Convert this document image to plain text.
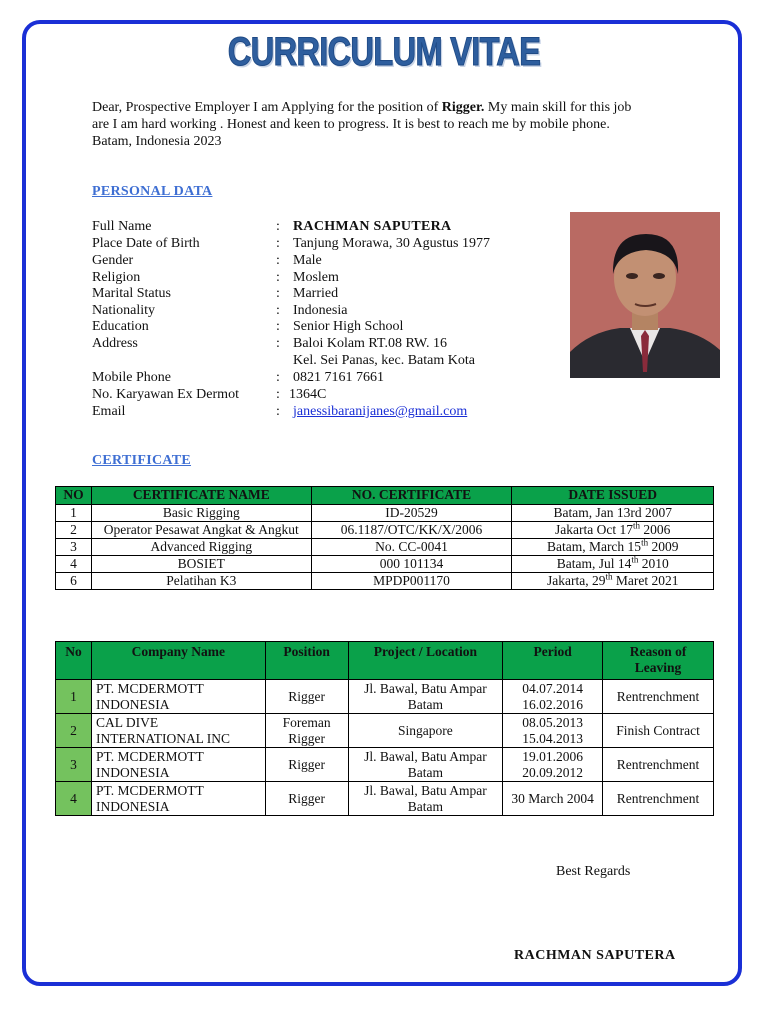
CURRICULUM VITAE
Dear, Prospective Employer I am Applying for the position of Rigger. My main skill for this job
are I am hard working . Honest and keen to progress. It is best to reach me by mobile phone.
Batam, Indonesia 2023
PERSONAL DATA
Full Name	: RACHMAN SAPUTERA
Place Date of Birth	: Tanjung Morawa, 30 Agustus 1977
Gender	: Male
Religion	: Moslem
Marital Status	: Married
Nationality	: Indonesia
Education	: Senior High School
Address	: Baloi Kolam RT.08 RW. 16
Kel. Sei Panas, kec. Batam Kota
Mobile Phone	: 0821 7161 7661
No. Karyawan Ex Dermot	: 1364C
Email	: janessibaranijanes@gmail.com
CERTIFICATE
NO	CERTIFICATE NAME	NO. CERTIFICATE	DATE ISSUED
1	Basic Rigging	ID-20529	Batam, Jan 13rd 2007
2	Operator Pesawat Angkat & Angkut	06.1187/OTC/KK/X/2006	Jakarta Oct 17th 2006
3	Advanced Rigging	No. CC-0041	Batam, March 15th 2009
4	BOSIET	000 101134	Batam, Jul 14th 2010
6	Pelatihan K3	MPDP001170	Jakarta, 29th Maret 2021
No	Company Name	Position	Project / Location	Period	Reason of Leaving
1	PT. MCDERMOTT INDONESIA	Rigger	Jl. Bawal, Batu Ampar Batam	04.07.2014 16.02.2016	Rentrenchment
2	CAL DIVE INTERNATIONAL INC	Foreman Rigger	Singapore	08.05.2013 15.04.2013	Finish Contract
3	PT. MCDERMOTT INDONESIA	Rigger	Jl. Bawal, Batu Ampar Batam	19.01.2006 20.09.2012	Rentrenchment
4	PT. MCDERMOTT INDONESIA	Rigger	Jl. Bawal, Batu Ampar Batam	30 March 2004	Rentrenchment
Best Regards
RACHMAN SAPUTERA
